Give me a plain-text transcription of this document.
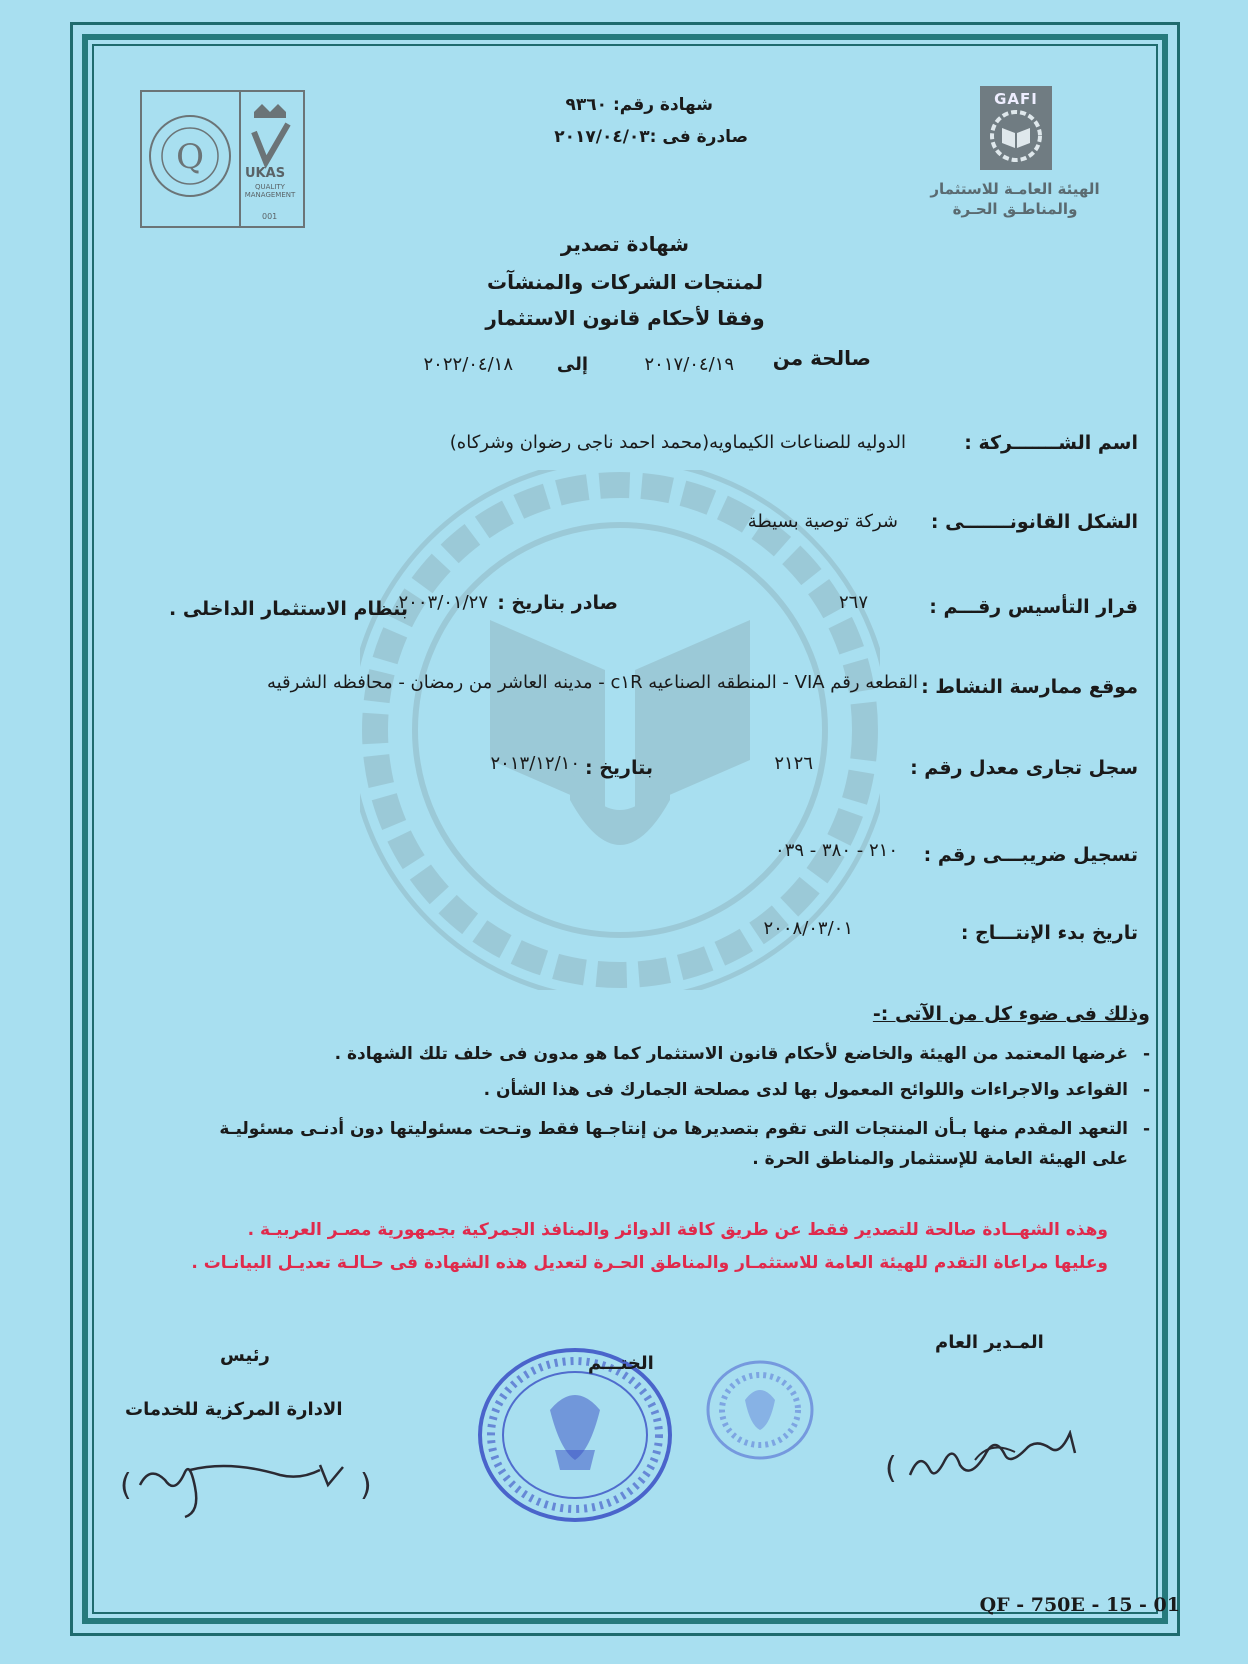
شهادة رقم: ٩٣٦٠
صادرة فى :٢٠١٧/٠٤/٠٣
GAFI
الهيئة العامـة للاستثمار
والمناطـق الحـرة
Q	UKAS
QUALITY MANAGEMENT
001
شهادة تصدير
لمنتجات الشركات والمنشآت
وفقا لأحكام قانون الاستثمار
صالحة من
٢٠١٧/٠٤/١٩
إلى
٢٠٢٢/٠٤/١٨
اسم الشـــــــركة :
الدوليه للصناعات الكيماويه(محمد احمد ناجى رضوان وشركاه)
الشكل القانونـــــــى :
شركة توصية بسيطة
قرار التأسيس رقـــم :
٢٦٧
صادر بتاريخ :
٢٠٠٣/٠١/٢٧
بنظام الاستثمار الداخلى .
موقع ممارسة النشاط :
القطعه رقم VIA - المنطقه الصناعيه c١R - مدينه العاشر من رمضان - محافظه الشرقيه
سجل تجارى معدل رقم :
٢١٢٦
بتاريخ :
٢٠١٣/١٢/١٠
تسجيل ضريبـــى رقم :
٢١٠ - ٣٨٠ - ٠٣٩
تاريخ بدء الإنتـــاج :
٢٠٠٨/٠٣/٠١
وذلك فى ضوء كل من الآتى :-
-
غرضها المعتمد من الهيئة والخاضع لأحكام قانون الاستثمار كما هو مدون فى خلف تلك الشهادة .
-
القواعد والاجراءات واللوائح المعمول بها لدى مصلحة الجمارك فى هذا الشأن .
-
التعهد المقدم منها بـأن المنتجات التى تقوم بتصديرها من إنتاجـها فقط وتـحت مسئوليتها دون أدنـى مسئوليـة
على الهيئة العامة للإستثمار والمناطق الحرة .
وهذه الشهــادة صالحة للتصدير فقط عن طريق كافة الدوائر والمنافذ الجمركية بجمهورية مصـر العربيـة .
وعليها مراعاة التقدم للهيئة العامة للاستثمـار والمناطق الحـرة لتعديل هذه الشهادة فى حـالـة تعديـل البيانـات .
المـدير العام
رئيس
الادارة المركزية للخدمات
الختـــم
(
(	)
QF - 750E - 15 - 01
